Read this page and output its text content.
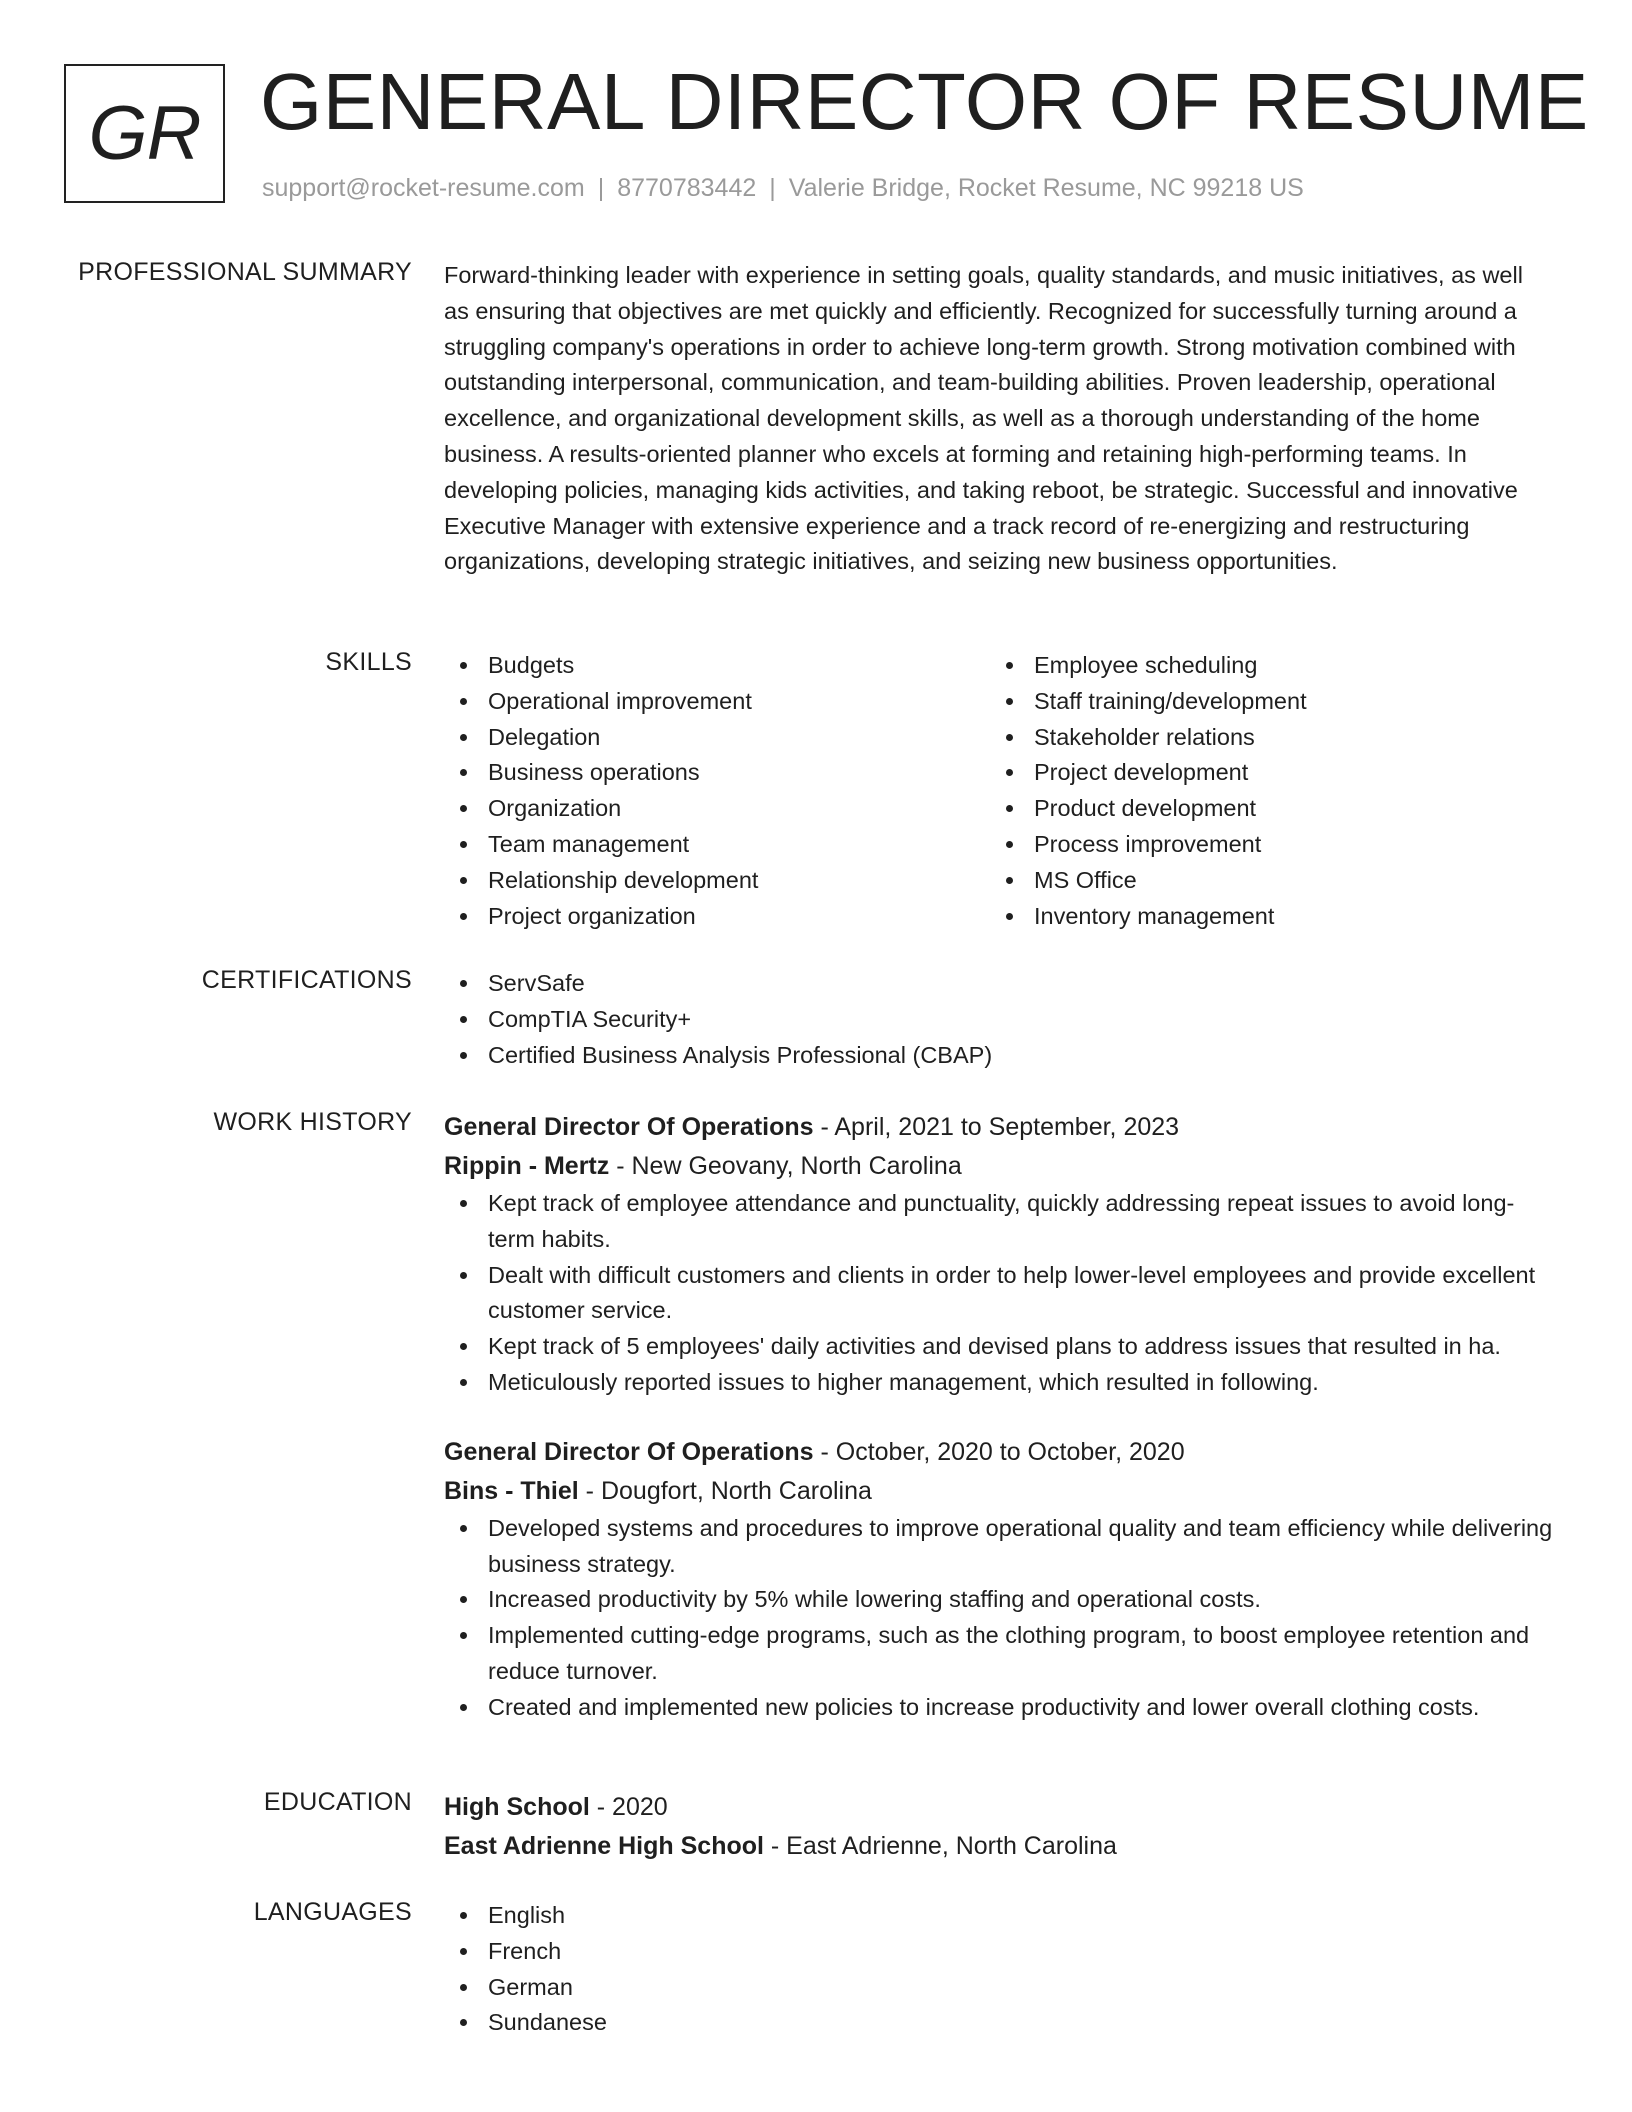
GR GENERAL DIRECTOR OF RESUME
support@rocket-resume.com | 8770783442 | Valerie Bridge, Rocket Resume, NC 99218 US
PROFESSIONAL SUMMARY Forward-thinking leader with experience in setting goals, quality standards, and music initiatives, as well as ensuring that objectives are met quickly and efficiently. Recognized for successfully turning around a struggling company's operations in order to achieve long-term growth. Strong motivation combined with outstanding interpersonal, communication, and team-building abilities. Proven leadership, operational excellence, and organizational development skills, as well as a thorough understanding of the home business. A results-oriented planner who excels at forming and retaining high-performing teams. In developing policies, managing kids activities, and taking reboot, be strategic. Successful and innovative Executive Manager with extensive experience and a track record of re-energizing and restructuring organizations, developing strategic initiatives, and seizing new business opportunities.

SKILLS	Budgets
Operational improvement
Delegation
Business operations
Organization
Team management
Relationship development
Project organization
Employee scheduling
Staff training/development
Stakeholder relations
Project development
Product development
Process improvement
MS Office
Inventory management
CERTIFICATIONS	ServSafe
CompTIA Security+
Certified Business Analysis Professional (CBAP)
WORK HISTORY General Director Of Operations - April, 2021 to September, 2023
Rippin - Mertz - New Geovany, North Carolina
Kept track of employee attendance and punctuality, quickly addressing repeat issues to avoid long-term habits.
Dealt with difficult customers and clients in order to help lower-level employees and provide excellent customer service.
Kept track of 5 employees' daily activities and devised plans to address issues that resulted in ha.
Meticulously reported issues to higher management, which resulted in following.
General Director Of Operations - October, 2020 to October, 2020
Bins - Thiel - Dougfort, North Carolina
Developed systems and procedures to improve operational quality and team efficiency while delivering business strategy.
Increased productivity by 5% while lowering staffing and operational costs.
Implemented cutting-edge programs, such as the clothing program, to boost employee retention and reduce turnover.
Created and implemented new policies to increase productivity and lower overall clothing costs.
EDUCATION High School - 2020
East Adrienne High School - East Adrienne, North Carolina
LANGUAGES	English
French
German
Sundanese
